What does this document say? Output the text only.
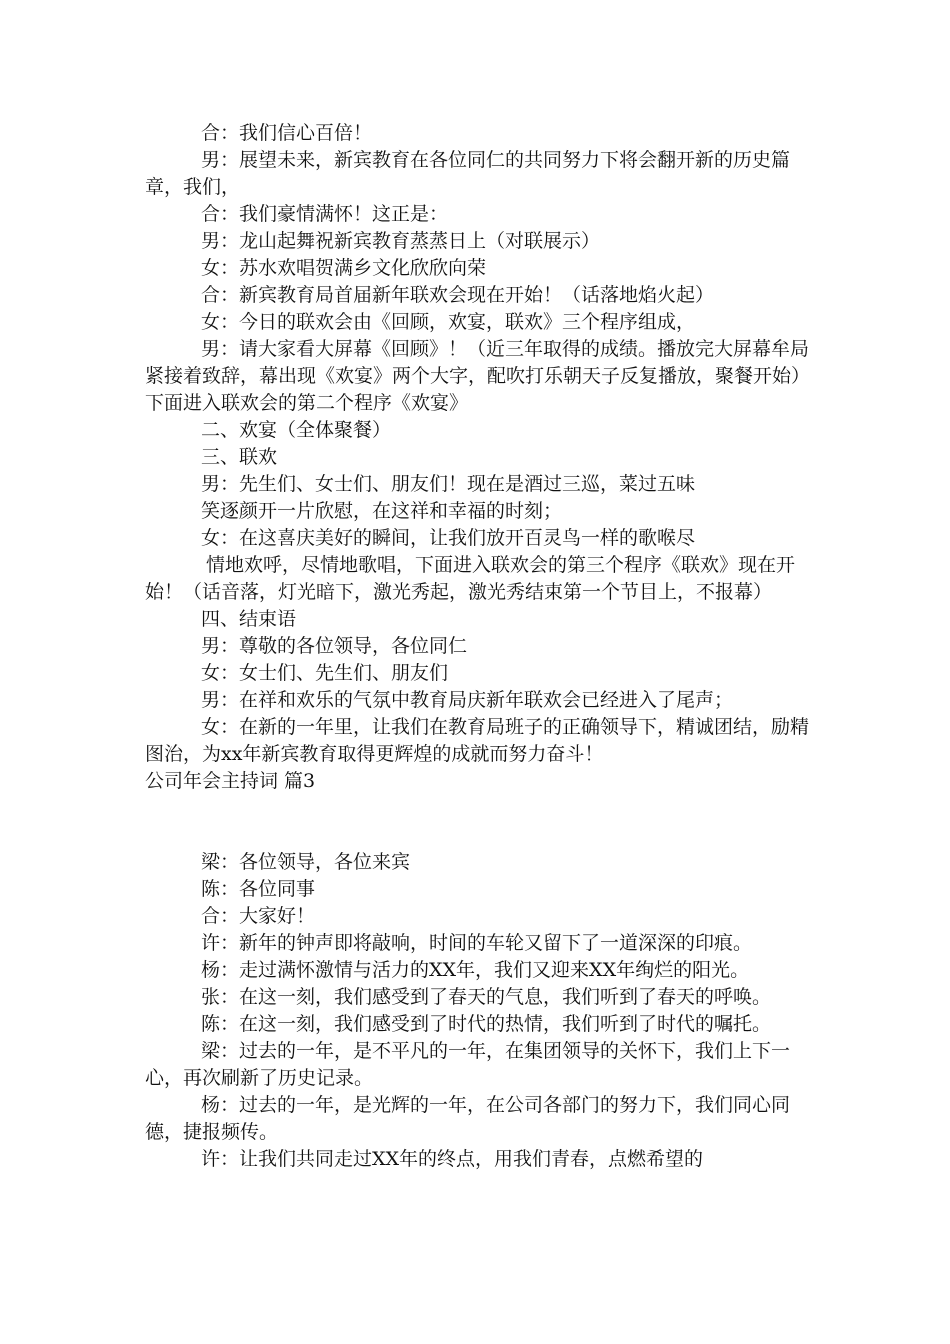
合：我们信心百倍！

男：展望未来，新宾教育在各位同仁的共同努力下将会翻开新的历史篇章，我们，

合：我们豪情满怀！这正是：

男：龙山起舞祝新宾教育蒸蒸日上（对联展示）

女：苏水欢唱贺满乡文化欣欣向荣

合：新宾教育局首届新年联欢会现在开始！（话落地焰火起）

女：今日的联欢会由《回顾，欢宴，联欢》三个程序组成，

男：请大家看大屏幕《回顾》！（近三年取得的成绩。播放完大屏幕牟局紧接着致辞，幕出现《欢宴》两个大字，配吹打乐朝天子反复播放，聚餐开始）下面进入联欢会的第二个程序《欢宴》

二、欢宴（全体聚餐）

三、联欢

男：先生们、女士们、朋友们！现在是酒过三巡，菜过五味

笑逐颜开一片欣慰，在这祥和幸福的时刻；

女：在这喜庆美好的瞬间，让我们放开百灵鸟一样的歌喉尽

情地欢呼，尽情地歌唱，下面进入联欢会的第三个程序《联欢》现在开始！（话音落，灯光暗下，激光秀起，激光秀结束第一个节目上，不报幕）

四、结束语

男：尊敬的各位领导，各位同仁

女：女士们、先生们、朋友们

男：在祥和欢乐的气氛中教育局庆新年联欢会已经进入了尾声；

女：在新的一年里，让我们在教育局班子的正确领导下，精诚团结，励精图治，为xx年新宾教育取得更辉煌的成就而努力奋斗！

公司年会主持词 篇3

梁：各位领导，各位来宾

陈：各位同事

合：大家好！

许：新年的钟声即将敲响，时间的车轮又留下了一道深深的印痕。

杨：走过满怀激情与活力的XX年，我们又迎来XX年绚烂的阳光。

张：在这一刻，我们感受到了春天的气息，我们听到了春天的呼唤。

陈：在这一刻，我们感受到了时代的热情，我们听到了时代的嘱托。

梁：过去的一年，是不平凡的一年，在集团领导的关怀下，我们上下一心，再次刷新了历史记录。

杨：过去的一年，是光辉的一年，在公司各部门的努力下，我们同心同德，捷报频传。

许：让我们共同走过XX年的终点，用我们青春，点燃希望的
